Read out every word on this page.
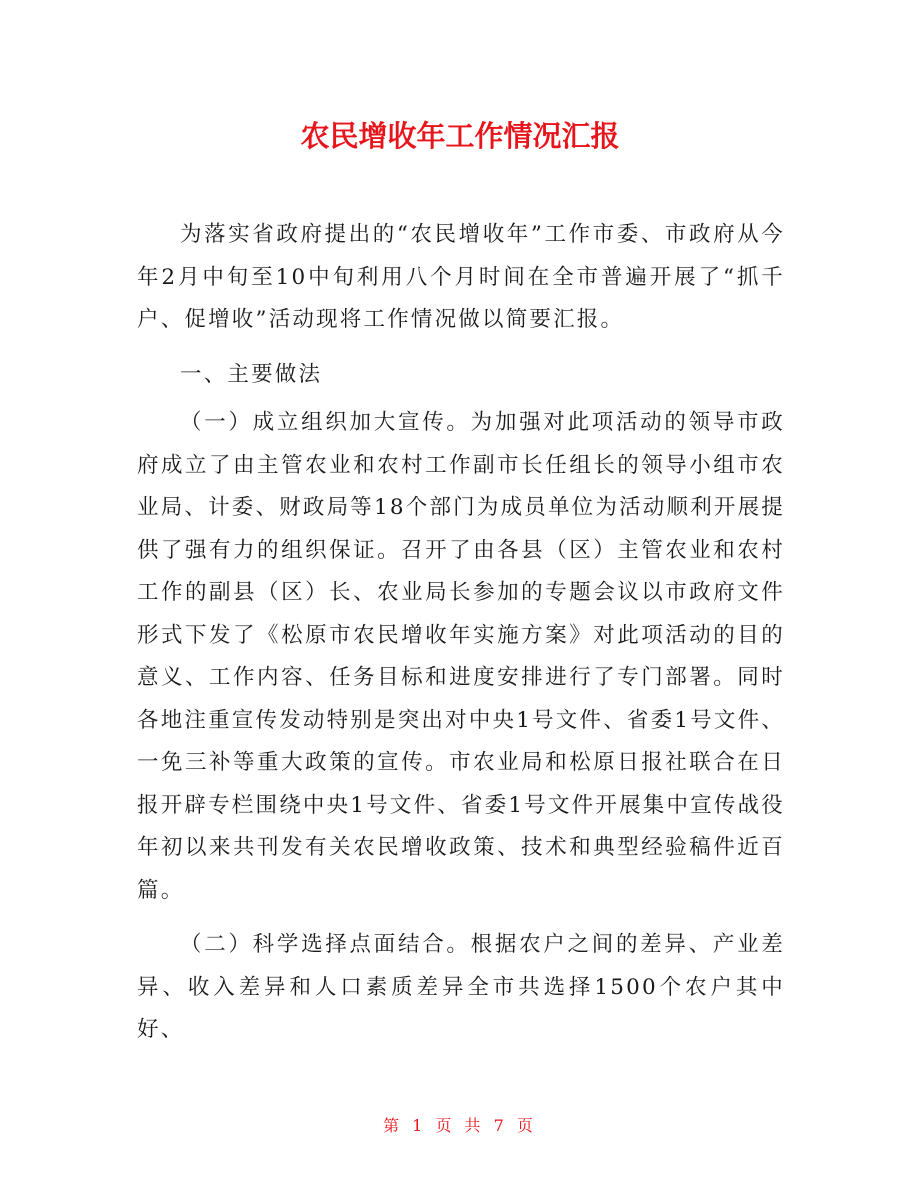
农民增收年工作情况汇报

为落实省政府提出的“农民增收年”工作市委、市政府从今年2月中旬至10中旬利用八个月时间在全市普遍开展了“抓千户、促增收”活动现将工作情况做以简要汇报。

一、主要做法

（一）成立组织加大宣传。为加强对此项活动的领导市政府成立了由主管农业和农村工作副市长任组长的领导小组市农业局、计委、财政局等18个部门为成员单位为活动顺利开展提供了强有力的组织保证。召开了由各县（区）主管农业和农村工作的副县（区）长、农业局长参加的专题会议以市政府文件形式下发了《松原市农民增收年实施方案》对此项活动的目的意义、工作内容、任务目标和进度安排进行了专门部署。同时各地注重宣传发动特别是突出对中央1号文件、省委1号文件、一免三补等重大政策的宣传。市农业局和松原日报社联合在日报开辟专栏围绕中央1号文件、省委1号文件开展集中宣传战役年初以来共刊发有关农民增收政策、技术和典型经验稿件近百篇。

（二）科学选择点面结合。根据农户之间的差异、产业差异、收入差异和人口素质差异全市共选择1500个农户其中好、

第 1 页 共 7 页
